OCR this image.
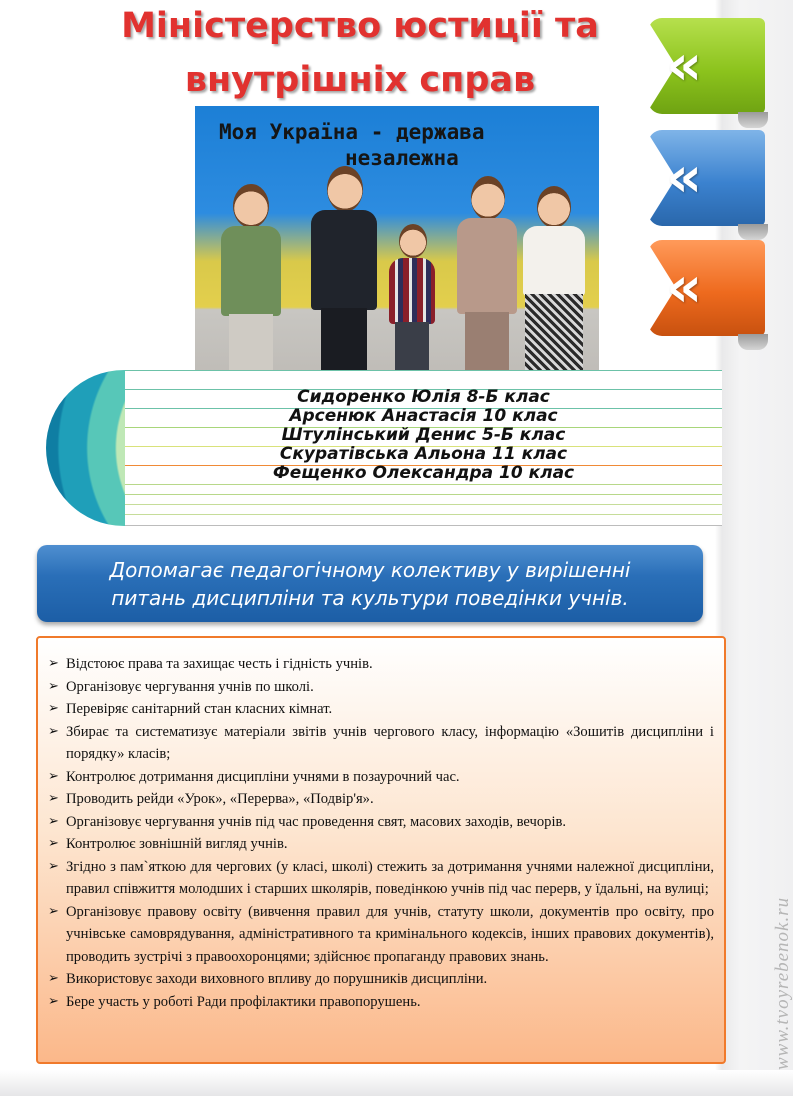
Міністерство юстиції та
внутрішніх справ	«
«
«
Моя Україна - держава
незалежна
Сидоренко Юлія 8-Б клас
Арсенюк Анастасія 10 клас
Штулінський Денис 5-Б клас
Скуратівська Альона 11 клас
Фещенко Олександра 10 клас
Допомагає педагогічному колективу у вирішенні
питань дисципліни та культури поведінки учнів.
➢ Відстоює права та захищає честь і гідність учнів.
➢ Організовує чергування учнів по школі.
➢ Перевіряє санітарний стан класних кімнат.
➢ Збирає та систематизує матеріали звітів учнів чергового класу, інформацію «Зошитів дисципліни і порядку» класів;
➢ Контролює дотримання дисципліни учнями в позаурочний час.
➢ Проводить рейди «Урок», «Перерва», «Подвір'я».
➢ Організовує чергування учнів під час проведення свят, масових заходів, вечорів.
➢ Контролює зовнішній вигляд учнів.
➢ Згідно з пам`яткою для чергових (у класі, школі) стежить за дотримання учнями належної дисципліни, правил співжиття молодших і старших школярів, поведінкою учнів під час перерв, у їдальні, на вулиці;
➢ Організовує правову освіту (вивчення правил для учнів, статуту школи, документів про освіту, про учнівське самоврядування, адміністративного та кримінального кодексів, інших правових документів), проводить зустрічі з правоохоронцями; здійснює пропаганду правових знань.
➢ Використовує заходи виховного впливу до порушників дисципліни.
➢ Бере участь у роботі Ради профілактики правопорушень.	www.tvoyrebenok.ru
